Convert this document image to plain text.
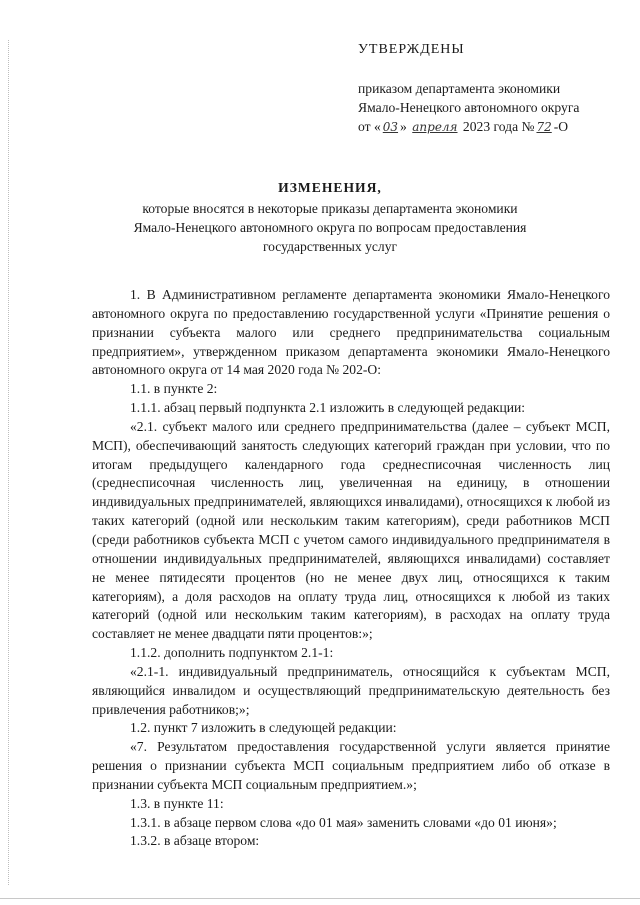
УТВЕРЖДЕНЫ
приказом департамента экономики
Ямало-Ненецкого автономного округа
от « 03 » апреля 2023 года № 72 -О
ИЗМЕНЕНИЯ,
которые вносятся в некоторые приказы департамента экономики Ямало-Ненецкого автономного округа по вопросам предоставления государственных услуг

1. В Административном регламенте департамента экономики Ямало-Ненецкого автономного округа по предоставлению государственной услуги «Принятие решения о признании субъекта малого или среднего предпринимательства социальным предприятием», утвержденном приказом департамента экономики Ямало-Ненецкого автономного округа от 14 мая 2020 года № 202-О:

1.1. в пункте 2:

1.1.1. абзац первый подпункта 2.1 изложить в следующей редакции:

«2.1. субъект малого или среднего предпринимательства (далее – субъект МСП, МСП), обеспечивающий занятость следующих категорий граждан при условии, что по итогам предыдущего календарного года среднесписочная численность лиц (среднесписочная численность лиц, увеличенная на единицу, в отношении индивидуальных предпринимателей, являющихся инвалидами), относящихся к любой из таких категорий (одной или нескольким таким категориям), среди работников МСП (среди работников субъекта МСП с учетом самого индивидуального предпринимателя в отношении индивидуальных предпринимателей, являющихся инвалидами) составляет не менее пятидесяти процентов (но не менее двух лиц, относящихся к таким категориям), а доля расходов на оплату труда лиц, относящихся к любой из таких категорий (одной или нескольким таким категориям), в расходах на оплату труда составляет не менее двадцати пяти процентов:»;

1.1.2. дополнить подпунктом 2.1-1:

«2.1-1. индивидуальный предприниматель, относящийся к субъектам МСП, являющийся инвалидом и осуществляющий предпринимательскую деятельность без привлечения работников;»;

1.2. пункт 7 изложить в следующей редакции:

«7. Результатом предоставления государственной услуги является принятие решения о признании субъекта МСП социальным предприятием либо об отказе в признании субъекта МСП социальным предприятием.»;

1.3. в пункте 11:

1.3.1. в абзаце первом слова «до 01 мая» заменить словами «до 01 июня»;

1.3.2. в абзаце втором:
